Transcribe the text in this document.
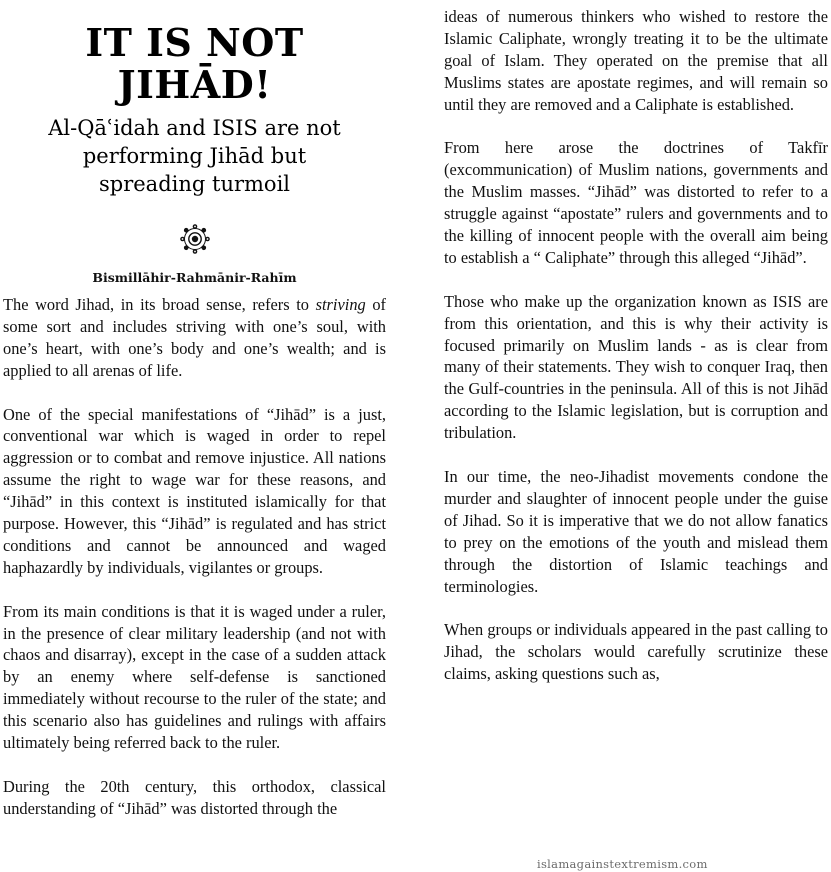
IT IS NOT JIHĀD!
Al-Qāʿidah and ISIS are not
performing Jihād but
spreading turmoil
Bismillāhir-Rahmānir-Rahīm

The word Jihad, in its broad sense, refers to striving of some sort and includes striving with one’s soul, with one’s heart, with one’s body and one’s wealth; and is applied to all arenas of life.

One of the special manifestations of “Jihād” is a just, conventional war which is waged in order to repel aggression or to combat and remove injustice. All nations assume the right to wage war for these reasons, and “Jihād” in this context is instituted islamically for that purpose. However, this “Jihād” is regulated and has strict conditions and cannot be announced and waged haphazardly by individuals, vigilantes or groups.

From its main conditions is that it is waged under a ruler, in the presence of clear military leadership (and not with chaos and disarray), except in the case of a sudden attack by an enemy where self-defense is sanctioned immediately without recourse to the ruler of the state; and this scenario also has guidelines and rulings with affairs ultimately being referred back to the ruler.

During the 20th century, this orthodox, classical understanding of “Jihād” was distorted through the

ideas of numerous thinkers who wished to restore the Islamic Caliphate, wrongly treating it to be the ultimate goal of Islam. They operated on the premise that all Muslims states are apostate regimes, and will remain so until they are removed and a Caliphate is established.

From here arose the doctrines of Takfīr (excommunication) of Muslim nations, governments and the Muslim masses. “Jihād” was distorted to refer to a struggle against “apostate” rulers and governments and to the killing of innocent people with the overall aim being to establish a “ Caliphate” through this alleged “Jihād”.

Those who make up the organization known as ISIS are from this orientation, and this is why their activity is focused primarily on Muslim lands - as is clear from many of their statements. They wish to conquer Iraq, then the Gulf-countries in the peninsula. All of this is not Jihād according to the Islamic legislation, but is corruption and tribulation.

In our time, the neo-Jihadist movements condone the murder and slaughter of innocent people under the guise of Jihad. So it is imperative that we do not allow fanatics to prey on the emotions of the youth and mislead them through the distortion of Islamic teachings and terminologies.

When groups or individuals appeared in the past calling to Jihad, the scholars would carefully scrutinize these claims, asking questions such as,

islamagainstextremism.com
